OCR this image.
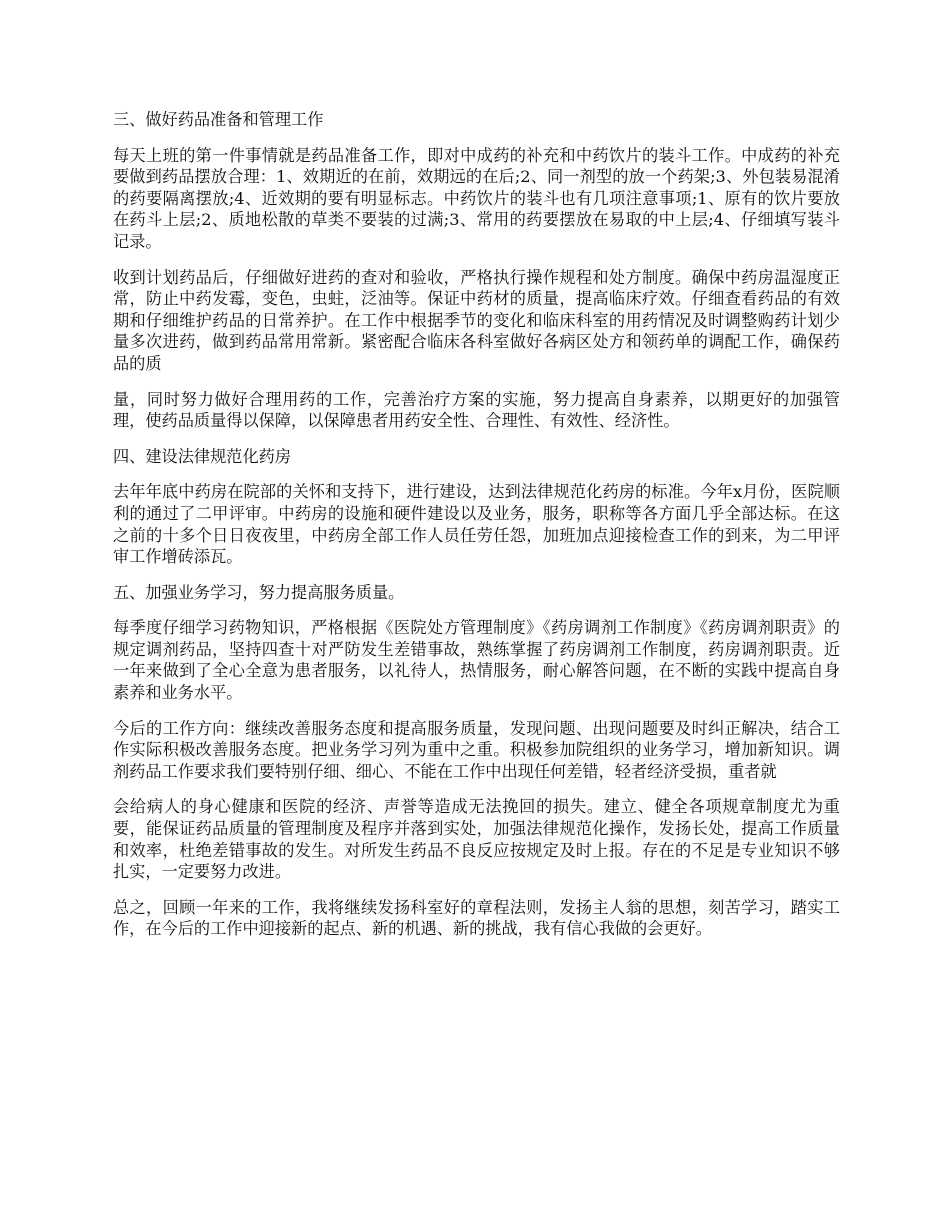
三、做好药品准备和管理工作

每天上班的第一件事情就是药品准备工作，即对中成药的补充和中药饮片的装斗工作。中成药的补充要做到药品摆放合理：1、效期近的在前，效期远的在后;2、同一剂型的放一个药架;3、外包装易混淆的药要隔离摆放;4、近效期的要有明显标志。中药饮片的装斗也有几项注意事项;1、原有的饮片要放在药斗上层;2、质地松散的草类不要装的过满;3、常用的药要摆放在易取的中上层;4、仔细填写装斗记录。

收到计划药品后，仔细做好进药的查对和验收，严格执行操作规程和处方制度。确保中药房温湿度正常，防止中药发霉，变色，虫蛀，泛油等。保证中药材的质量，提高临床疗效。仔细查看药品的有效期和仔细维护药品的日常养护。在工作中根据季节的变化和临床科室的用药情况及时调整购药计划少量多次进药，做到药品常用常新。紧密配合临床各科室做好各病区处方和领药单的调配工作，确保药品的质

量，同时努力做好合理用药的工作，完善治疗方案的实施，努力提高自身素养，以期更好的加强管理，使药品质量得以保障，以保障患者用药安全性、合理性、有效性、经济性。

四、建设法律规范化药房

去年年底中药房在院部的关怀和支持下，进行建设，达到法律规范化药房的标准。今年x月份，医院顺利的通过了二甲评审。中药房的设施和硬件建设以及业务，服务，职称等各方面几乎全部达标。在这之前的十多个日日夜夜里，中药房全部工作人员任劳任怨，加班加点迎接检查工作的到来，为二甲评审工作增砖添瓦。

五、加强业务学习，努力提高服务质量。

每季度仔细学习药物知识，严格根据《医院处方管理制度》《药房调剂工作制度》《药房调剂职责》的规定调剂药品，坚持四查十对严防发生差错事故，熟练掌握了药房调剂工作制度，药房调剂职责。近一年来做到了全心全意为患者服务，以礼待人，热情服务，耐心解答问题，在不断的实践中提高自身素养和业务水平。

今后的工作方向：继续改善服务态度和提高服务质量，发现问题、出现问题要及时纠正解决，结合工作实际积极改善服务态度。把业务学习列为重中之重。积极参加院组织的业务学习，增加新知识。调剂药品工作要求我们要特别仔细、细心、不能在工作中出现任何差错，轻者经济受损，重者就

会给病人的身心健康和医院的经济、声誉等造成无法挽回的损失。建立、健全各项规章制度尤为重要，能保证药品质量的管理制度及程序并落到实处，加强法律规范化操作，发扬长处，提高工作质量和效率，杜绝差错事故的发生。对所发生药品不良反应按规定及时上报。存在的不足是专业知识不够扎实，一定要努力改进。

总之，回顾一年来的工作，我将继续发扬科室好的章程法则，发扬主人翁的思想，刻苦学习，踏实工作，在今后的工作中迎接新的起点、新的机遇、新的挑战，我有信心我做的会更好。
